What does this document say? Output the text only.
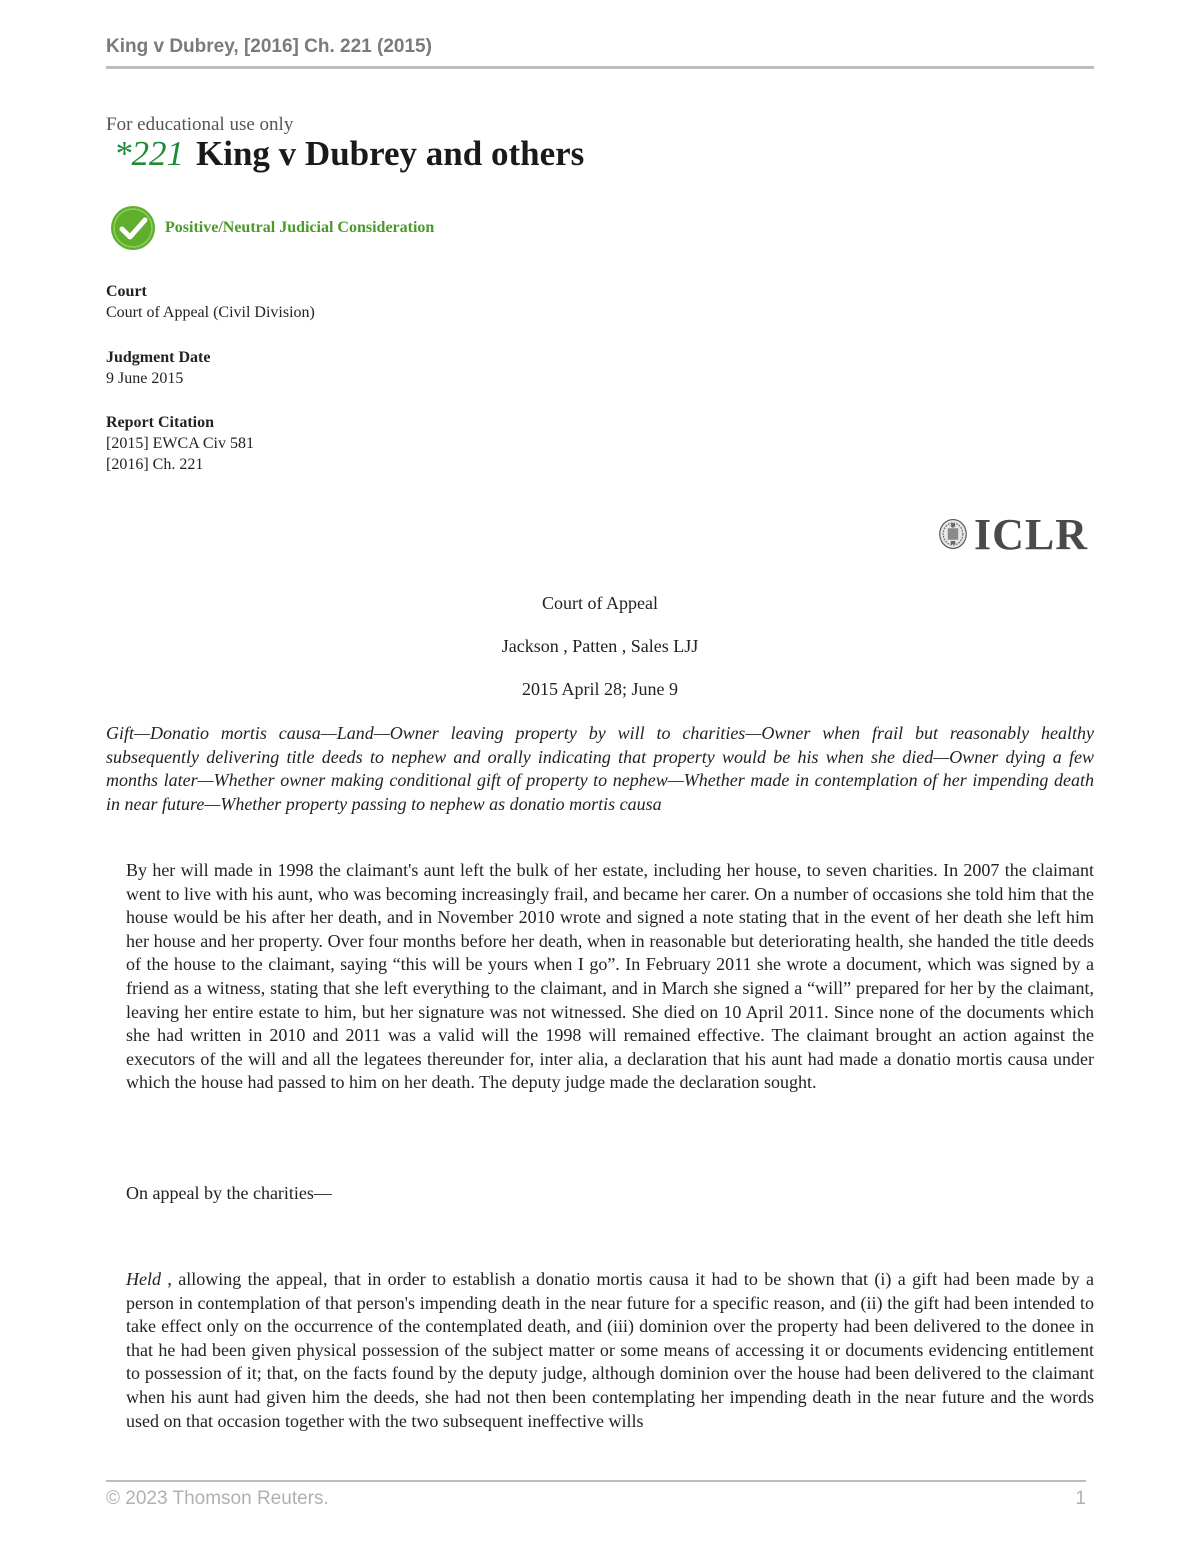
King v Dubrey, [2016] Ch. 221 (2015)
For educational use only
*221 King v Dubrey and others
Positive/Neutral Judicial Consideration
Court
Court of Appeal (Civil Division)
Judgment Date
9 June 2015
Report Citation
[2015] EWCA Civ 581
[2016] Ch. 221
ICLR
Court of Appeal
Jackson , Patten , Sales LJJ
2015 April 28; June 9
Gift—Donatio mortis causa—Land—Owner leaving property by will to charities—Owner when frail but reasonably healthy subsequently delivering title deeds to nephew and orally indicating that property would be his when she died—Owner dying a few months later—Whether owner making conditional gift of property to nephew—Whether made in contemplation of her impending death in near future—Whether property passing to nephew as donatio mortis causa
By her will made in 1998 the claimant's aunt left the bulk of her estate, including her house, to seven charities. In 2007 the claimant went to live with his aunt, who was becoming increasingly frail, and became her carer. On a number of occasions she told him that the house would be his after her death, and in November 2010 wrote and signed a note stating that in the event of her death she left him her house and her property. Over four months before her death, when in reasonable but deteriorating health, she handed the title deeds of the house to the claimant, saying “this will be yours when I go”. In February 2011 she wrote a document, which was signed by a friend as a witness, stating that she left everything to the claimant, and in March she signed a “will” prepared for her by the claimant, leaving her entire estate to him, but her signature was not witnessed. She died on 10 April 2011. Since none of the documents which she had written in 2010 and 2011 was a valid will the 1998 will remained effective. The claimant brought an action against the executors of the will and all the legatees thereunder for, inter alia, a declaration that his aunt had made a donatio mortis causa under which the house had passed to him on her death. The deputy judge made the declaration sought.
On appeal by the charities—
Held , allowing the appeal, that in order to establish a donatio mortis causa it had to be shown that (i) a gift had been made by a person in contemplation of that person's impending death in the near future for a specific reason, and (ii) the gift had been intended to take effect only on the occurrence of the contemplated death, and (iii) dominion over the property had been delivered to the donee in that he had been given physical possession of the subject matter or some means of accessing it or documents evidencing entitlement to possession of it; that, on the facts found by the deputy judge, although dominion over the house had been delivered to the claimant when his aunt had given him the deeds, she had not then been contemplating her impending death in the near future and the words used on that occasion together with the two subsequent ineffective wills
© 2023 Thomson Reuters.	1
